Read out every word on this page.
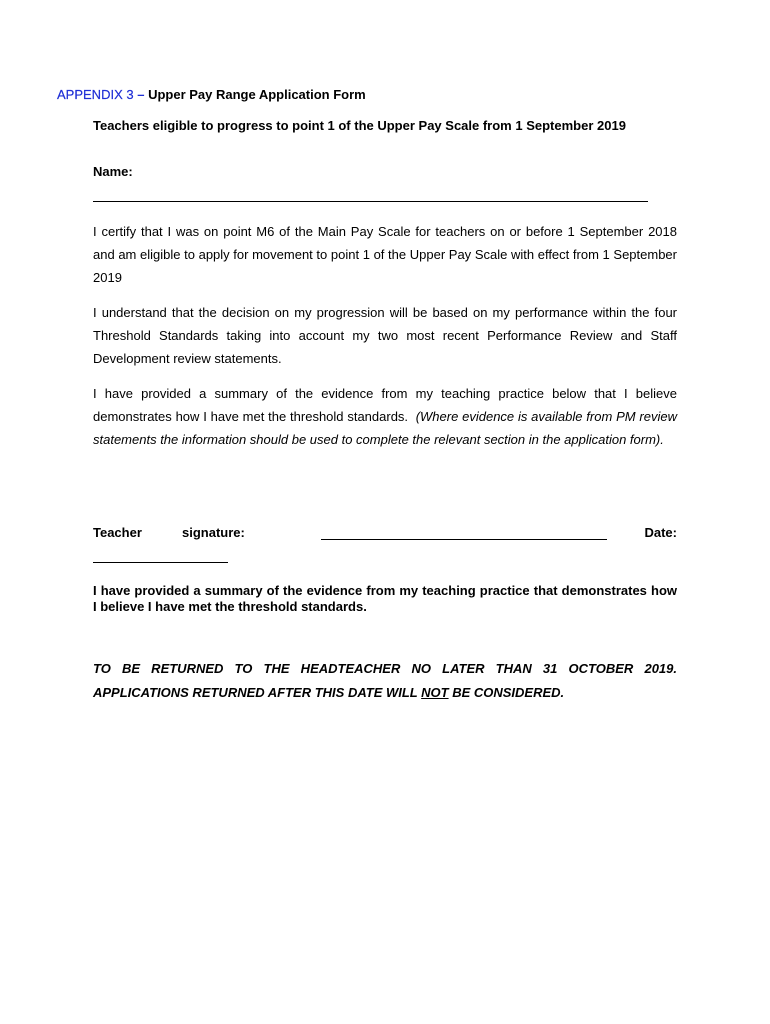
APPENDIX 3 – Upper Pay Range Application Form
Teachers eligible to progress to point 1 of the Upper Pay Scale from 1 September 2019
Name:
I certify that I was on point M6 of the Main Pay Scale for teachers on or before 1 September 2018 and am eligible to apply for movement to point 1 of the Upper Pay Scale with effect from 1 September 2019
I understand that the decision on my progression will be based on my performance within the four Threshold Standards taking into account my two most recent Performance Review and Staff Development review statements.
I have provided a summary of the evidence from my teaching practice below that I believe demonstrates how I have met the threshold standards. (Where evidence is available from PM review statements the information should be used to complete the relevant section in the application form).
Teacher	signature:	Date:
I have provided a summary of the evidence from my teaching practice that demonstrates how I believe I have met the threshold standards.
TO BE RETURNED TO THE HEADTEACHER NO LATER THAN 31 OCTOBER 2019. APPLICATIONS RETURNED AFTER THIS DATE WILL NOT BE CONSIDERED.
